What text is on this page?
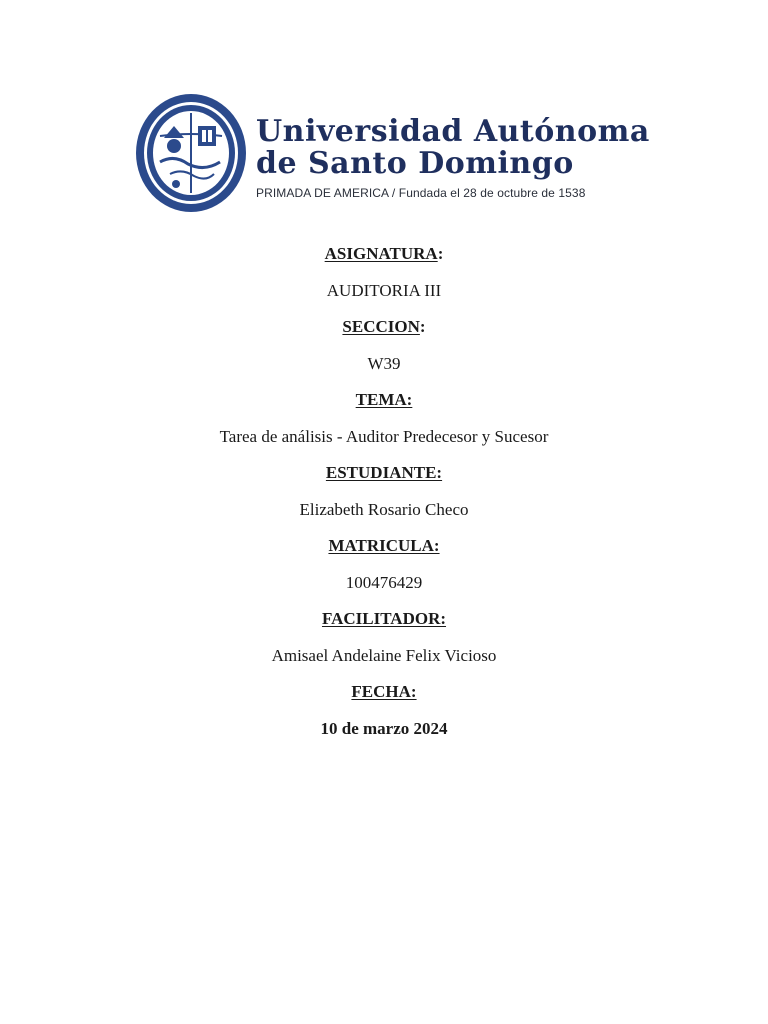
Universidad Autónoma
de Santo Domingo
PRIMADA DE AMERICA / Fundada el 28 de octubre de 1538
ASIGNATURA:
AUDITORIA III
SECCION:
W39
TEMA:
Tarea de análisis - Auditor Predecesor y Sucesor
ESTUDIANTE:
Elizabeth Rosario Checo
MATRICULA:
100476429
FACILITADOR:
Amisael Andelaine Felix Vicioso
FECHA:
10 de marzo 2024
